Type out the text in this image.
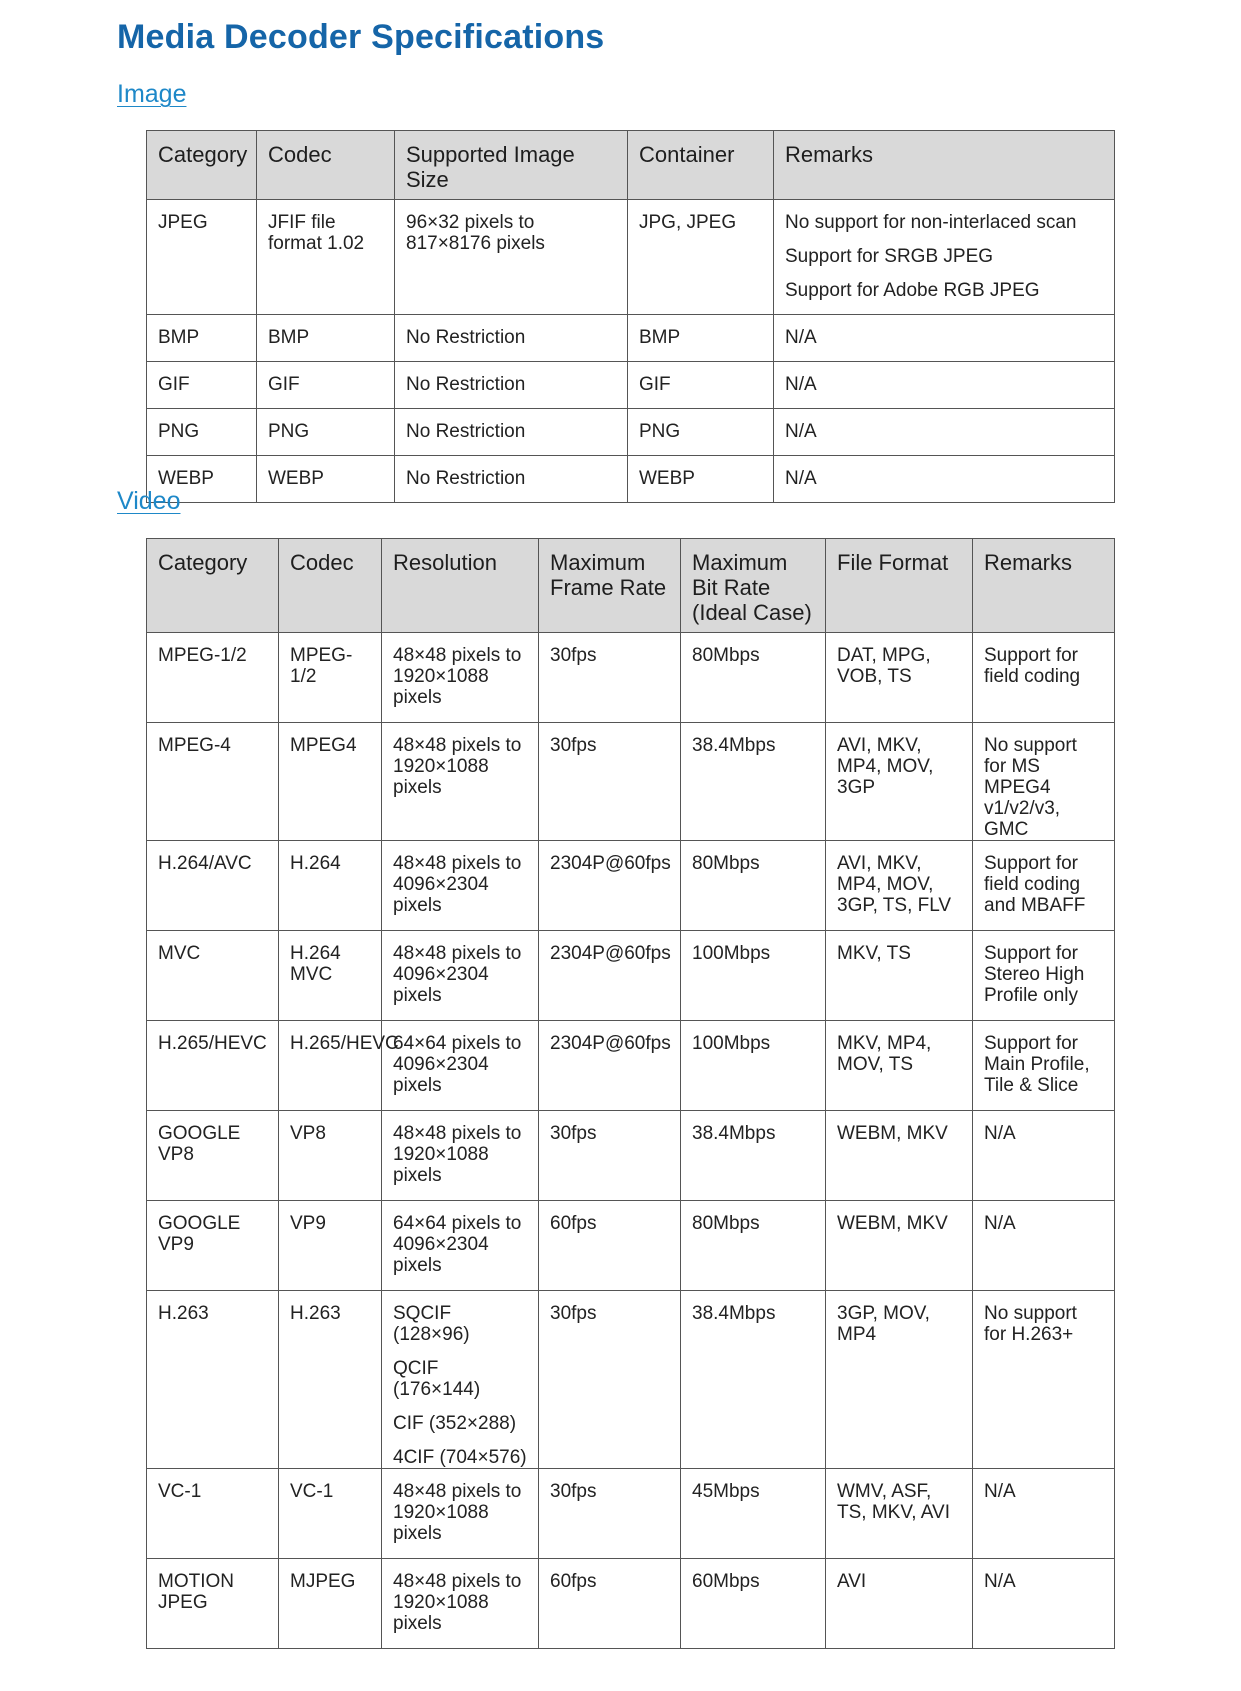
Media Decoder Specifications
Image
Category	Codec	Supported Image Size	Container	Remarks
JPEG	JFIF file format 1.02	96×32 pixels to 817×8176 pixels	JPG, JPEG	No support for non-interlaced scan
Support for SRGB JPEG
Support for Adobe RGB JPEG

BMP	BMP	No Restriction	BMP	N/A
GIF	GIF	No Restriction	GIF	N/A
PNG	PNG	No Restriction	PNG	N/A
WEBP	WEBP	No Restriction	WEBP	N/A
Video
Category	Codec	Resolution	Maximum Frame Rate	Maximum Bit Rate (Ideal Case)	File Format	Remarks
MPEG-1/2	MPEG-1/2	48×48 pixels to 1920×1088 pixels	30fps	80Mbps	DAT, MPG, VOB, TS	Support for field coding
MPEG-4	MPEG4	48×48 pixels to 1920×1088 pixels	30fps	38.4Mbps	AVI, MKV, MP4, MOV, 3GP	No support for MS MPEG4 v1/v2/v3, GMC
H.264/AVC	H.264	48×48 pixels to 4096×2304 pixels	2304P@60fps	80Mbps	AVI, MKV, MP4, MOV, 3GP, TS, FLV	Support for field coding and MBAFF
MVC	H.264 MVC	48×48 pixels to 4096×2304 pixels	2304P@60fps	100Mbps	MKV, TS	Support for Stereo High Profile only
H.265/HEVC	H.265/HEVC	64×64 pixels to 4096×2304 pixels	2304P@60fps	100Mbps	MKV, MP4, MOV, TS	Support for Main Profile, Tile & Slice
GOOGLE VP8	VP8	48×48 pixels to 1920×1088 pixels	30fps	38.4Mbps	WEBM, MKV	N/A
GOOGLE VP9	VP9	64×64 pixels to 4096×2304 pixels	60fps	80Mbps	WEBM, MKV	N/A
H.263	H.263	SQCIF (128×96)
QCIF (176×144)
CIF (352×288)
4CIF (704×576)	30fps	38.4Mbps	3GP, MOV, MP4	No support for H.263+
VC-1	VC-1	48×48 pixels to 1920×1088 pixels	30fps	45Mbps	WMV, ASF, TS, MKV, AVI	N/A
MOTION JPEG	MJPEG	48×48 pixels to 1920×1088 pixels	60fps	60Mbps	AVI	N/A
